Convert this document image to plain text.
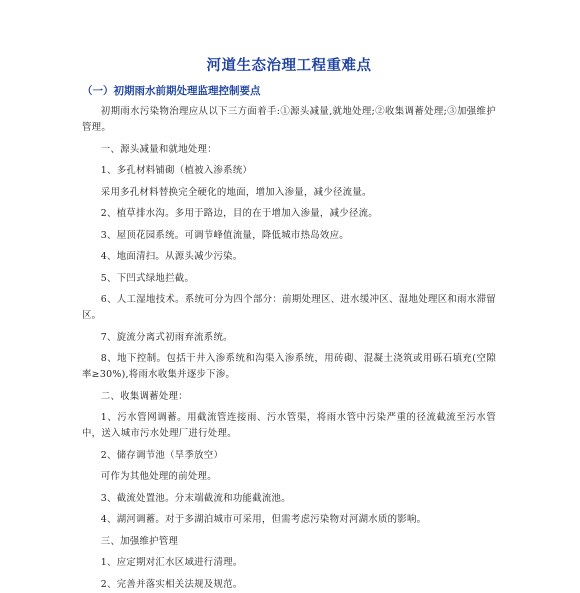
河道生态治理工程重难点
（一）初期雨水前期处理监理控制要点

初期雨水污染物治理应从以下三方面着手:①源头减量,就地处理;②收集调蓄处理;③加强维护管理。

一、源头减量和就地处理：

1、多孔材料铺砌（植被入渗系统）

采用多孔材料替换完全硬化的地面，增加入渗量，减少径流量。

2、植草排水沟。多用于路边，目的在于增加入渗量，减少径流。

3、屋顶花园系统。可调节峰值流量，降低城市热岛效应。

4、地面清扫。从源头减少污染。

5、下凹式绿地拦截。

6、人工湿地技术。系统可分为四个部分：前期处理区、进水缓冲区、湿地处理区和雨水滞留区。

7、旋流分离式初雨弃流系统。

8、地下控制。包括干井入渗系统和沟渠入渗系统，用砖砌、混凝土浇筑或用砾石填充(空隙率≥30%),将雨水收集并逐步下渗。

二、收集调蓄处理：

1、污水管网调蓄。用截流管连接雨、污水管渠，将雨水管中污染严重的径流截流至污水管中，送入城市污水处理厂进行处理。

2、储存调节池（旱季放空）

可作为其他处理的前处理。

3、截流处置池。分末端截流和功能截流池。

4、湖河调蓄。对于多湖泊城市可采用，但需考虑污染物对河湖水质的影响。

三、加强维护管理

1、应定期对汇水区域进行清理。

2、完善并落实相关法规及规范。
